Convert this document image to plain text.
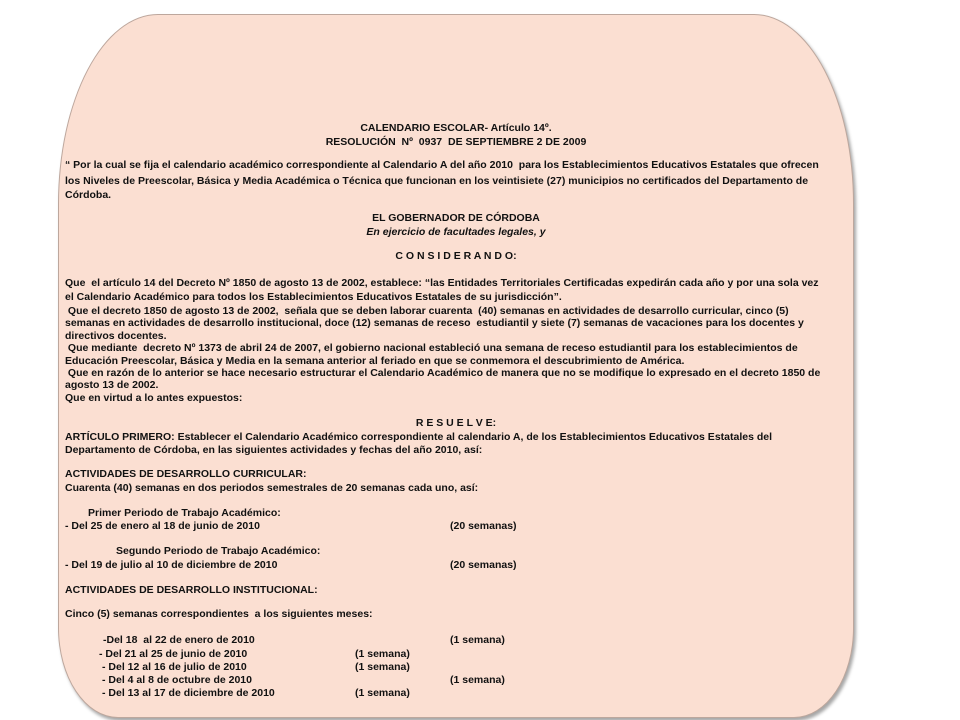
CALENDARIO ESCOLAR- Artículo 14º.
RESOLUCIÓN  Nº  0937  DE SEPTIEMBRE 2 DE 2009
“ Por la cual se fija el calendario académico correspondiente al Calendario A del año 2010  para los Establecimientos Educativos Estatales que ofrecen
los Niveles de Preescolar, Básica y Media Académica o Técnica que funcionan en los veintisiete (27) municipios no certificados del Departamento de
Córdoba.
EL GOBERNADOR DE CÓRDOBA
En ejercicio de facultades legales, y
C O N S I D E R A N D O:
Que  el artículo 14 del Decreto Nº 1850 de agosto 13 de 2002, establece: “las Entidades Territoriales Certificadas expedirán cada año y por una sola vez
el Calendario Académico para todos los Establecimientos Educativos Estatales de su jurisdicción”.
Que el decreto 1850 de agosto 13 de 2002,  señala que se deben laborar cuarenta  (40) semanas en actividades de desarrollo curricular, cinco (5)
semanas en actividades de desarrollo institucional, doce (12) semanas de receso  estudiantil y siete (7) semanas de vacaciones para los docentes y
directivos docentes.
Que mediante  decreto Nº 1373 de abril 24 de 2007, el gobierno nacional estableció una semana de receso estudiantil para los establecimientos de
Educación Preescolar, Básica y Media en la semana anterior al feriado en que se conmemora el descubrimiento de América.
Que en razón de lo anterior se hace necesario estructurar el Calendario Académico de manera que no se modifique lo expresado en el decreto 1850 de
agosto 13 de 2002.
Que en virtud a lo antes expuestos:
R E S U E L V E:
ARTÍCULO PRIMERO: Establecer el Calendario Académico correspondiente al calendario A, de los Establecimientos Educativos Estatales del
Departamento de Córdoba, en las siguientes actividades y fechas del año 2010, así:
ACTIVIDADES DE DESARROLLO CURRICULAR:
Cuarenta (40) semanas en dos periodos semestrales de 20 semanas cada uno, así:
Primer Periodo de Trabajo Académico:
- Del 25 de enero al 18 de junio de 2010	(20 semanas)
Segundo Periodo de Trabajo Académico:
- Del 19 de julio al 10 de diciembre de 2010	(20 semanas)
ACTIVIDADES DE DESARROLLO INSTITUCIONAL:
Cinco (5) semanas correspondientes  a los siguientes meses:
-Del 18  al 22 de enero de 2010	(1 semana)
- Del 21 al 25 de junio de 2010	(1 semana)
- Del 12 al 16 de julio de 2010	(1 semana)
- Del 4 al 8 de octubre de 2010	(1 semana)
- Del 13 al 17 de diciembre de 2010	(1 semana)
